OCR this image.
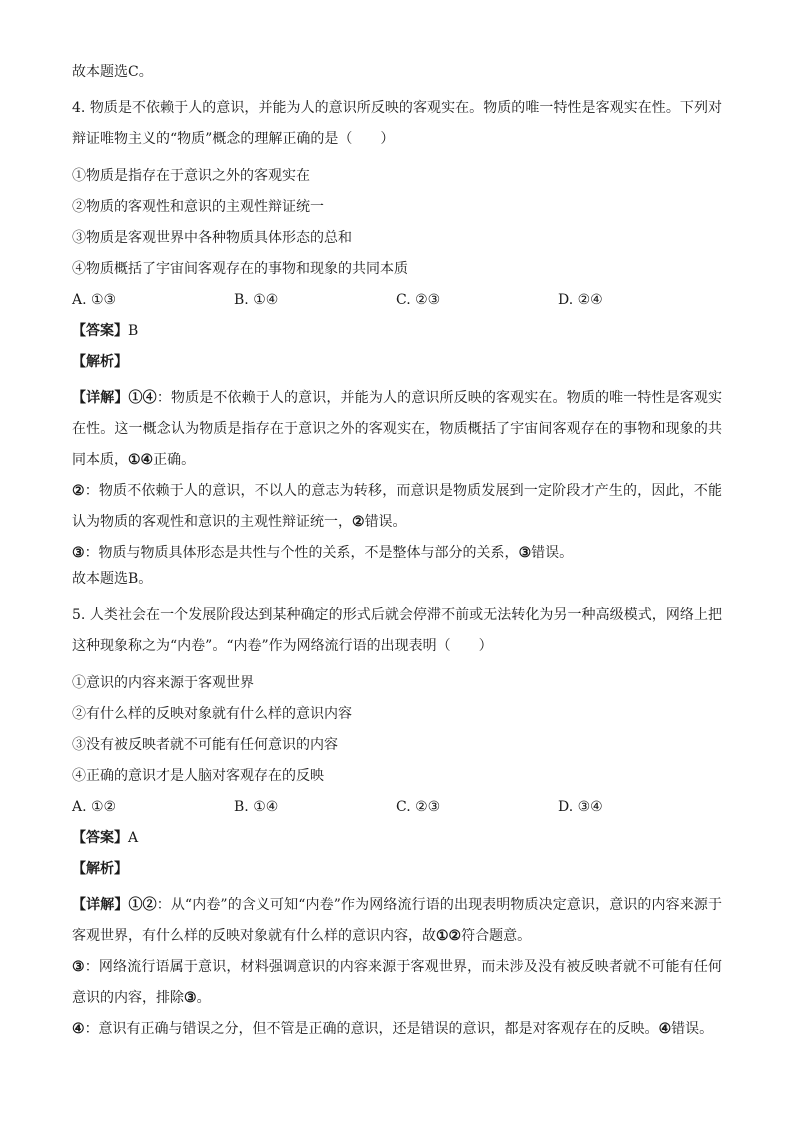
故本题选C。
4. 物质是不依赖于人的意识，并能为人的意识所反映的客观实在。物质的唯一特性是客观实在性。下列对辩证唯物主义的“物质”概念的理解正确的是（　　）
①物质是指存在于意识之外的客观实在
②物质的客观性和意识的主观性辩证统一
③物质是客观世界中各种物质具体形态的总和
④物质概括了宇宙间客观存在的事物和现象的共同本质
A. ①③	B. ①④	C. ②③	D. ②④
【答案】B
【解析】
【详解】①④：物质是不依赖于人的意识，并能为人的意识所反映的客观实在。物质的唯一特性是客观实在性。这一概念认为物质是指存在于意识之外的客观实在，物质概括了宇宙间客观存在的事物和现象的共同本质，①④正确。
②：物质不依赖于人的意识，不以人的意志为转移，而意识是物质发展到一定阶段才产生的，因此，不能认为物质的客观性和意识的主观性辩证统一，②错误。
③：物质与物质具体形态是共性与个性的关系，不是整体与部分的关系，③错误。
故本题选B。
5. 人类社会在一个发展阶段达到某种确定的形式后就会停滞不前或无法转化为另一种高级模式，网络上把这种现象称之为“内卷”。“内卷”作为网络流行语的出现表明（　　）
①意识的内容来源于客观世界
②有什么样的反映对象就有什么样的意识内容
③没有被反映者就不可能有任何意识的内容
④正确的意识才是人脑对客观存在的反映
A. ①②	B. ①④	C. ②③	D. ③④
【答案】A
【解析】
【详解】①②：从“内卷”的含义可知“内卷”作为网络流行语的出现表明物质决定意识，意识的内容来源于客观世界，有什么样的反映对象就有什么样的意识内容，故①②符合题意。
③：网络流行语属于意识，材料强调意识的内容来源于客观世界，而未涉及没有被反映者就不可能有任何意识的内容，排除③。
④：意识有正确与错误之分，但不管是正确的意识，还是错误的意识，都是对客观存在的反映。④错误。
